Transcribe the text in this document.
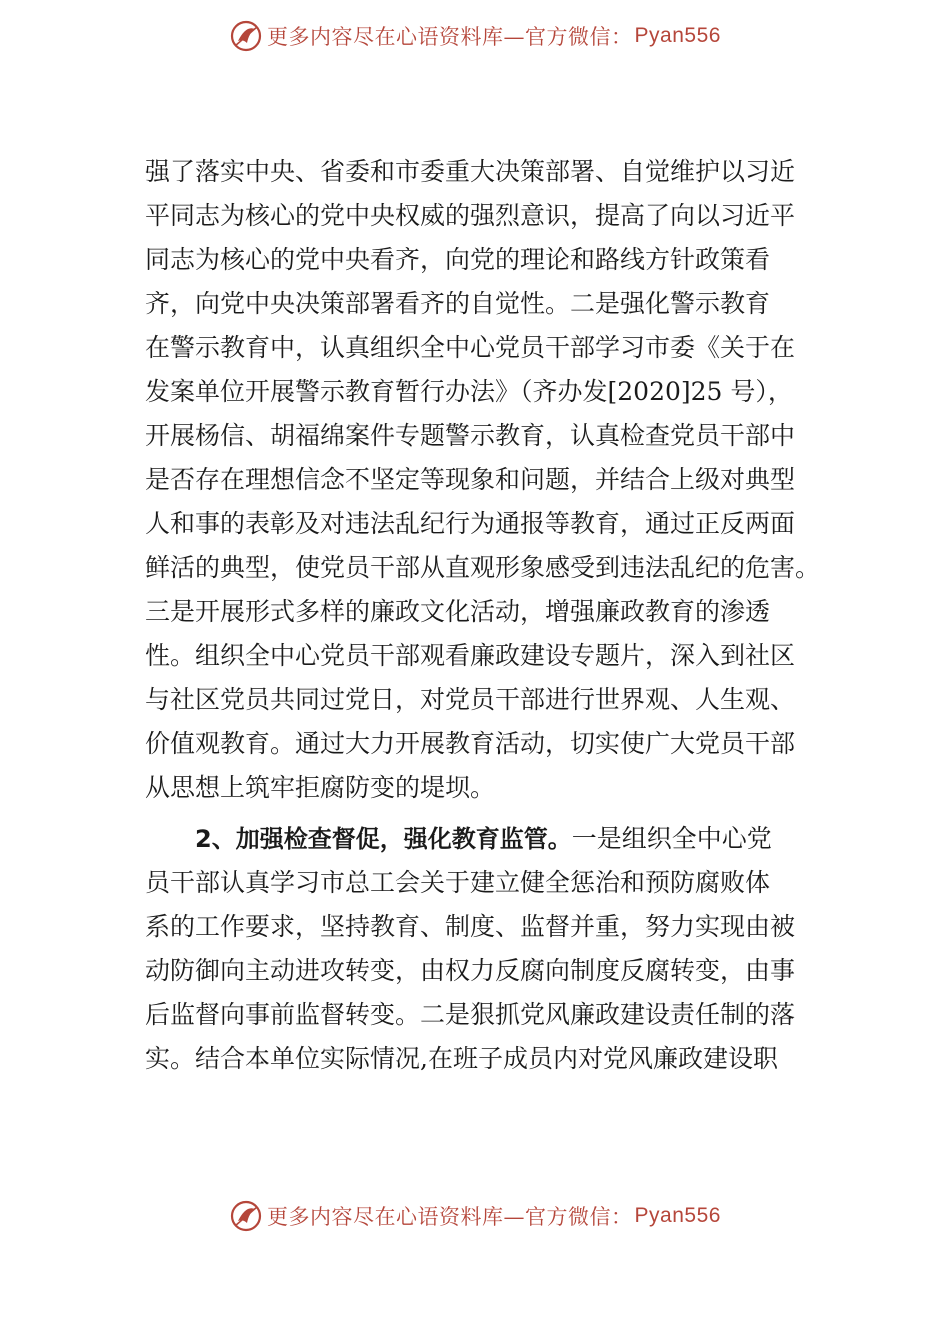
更多内容尽在心语资料库—官方微信： Pyan556
强了落实中央、省委和市委重大决策部署、自觉维护以习近
平同志为核心的党中央权威的强烈意识，提高了向以习近平
同志为核心的党中央看齐，向党的理论和路线方针政策看
齐，向党中央决策部署看齐的自觉性。二是强化警示教育
在警示教育中，认真组织全中心党员干部学习市委《关于在
发案单位开展警示教育暂行办法》（齐办发[2020]25 号），
开展杨信、胡福绵案件专题警示教育，认真检查党员干部中
是否存在理想信念不坚定等现象和问题，并结合上级对典型
人和事的表彰及对违法乱纪行为通报等教育，通过正反两面
鲜活的典型，使党员干部从直观形象感受到违法乱纪的危害。
三是开展形式多样的廉政文化活动，增强廉政教育的渗透
性。组织全中心党员干部观看廉政建设专题片，深入到社区
与社区党员共同过党日，对党员干部进行世界观、人生观、
价值观教育。通过大力开展教育活动，切实使广大党员干部
从思想上筑牢拒腐防变的堤坝。
2、加强检查督促，强化教育监管。一是组织全中心党
员干部认真学习市总工会关于建立健全惩治和预防腐败体
系的工作要求，坚持教育、制度、监督并重，努力实现由被
动防御向主动进攻转变，由权力反腐向制度反腐转变，由事
后监督向事前监督转变。二是狠抓党风廉政建设责任制的落
实。结合本单位实际情况,在班子成员内对党风廉政建设职
更多内容尽在心语资料库—官方微信： Pyan556
